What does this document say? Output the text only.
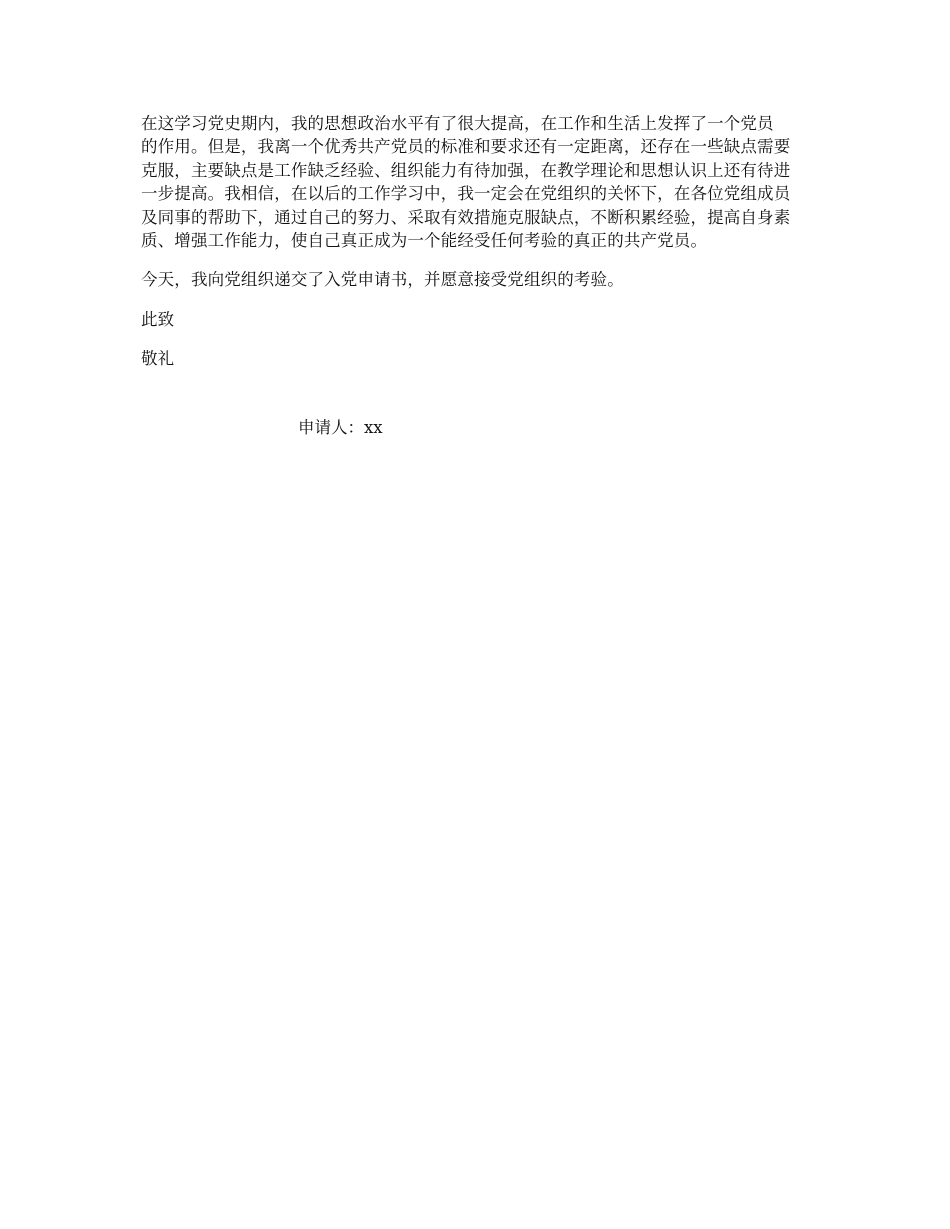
在这学习党史期内，我的思想政治水平有了很大提高，在工作和生活上发挥了一个党员
的作用。但是，我离一个优秀共产党员的标准和要求还有一定距离，还存在一些缺点需要
克服，主要缺点是工作缺乏经验、组织能力有待加强，在教学理论和思想认识上还有待进
一步提高。我相信，在以后的工作学习中，我一定会在党组织的关怀下，在各位党组成员
及同事的帮助下，通过自己的努力、采取有效措施克服缺点，不断积累经验，提高自身素
质、增强工作能力，使自己真正成为一个能经受任何考验的真正的共产党员。
今天，我向党组织递交了入党申请书，并愿意接受党组织的考验。
此致
敬礼
申请人：xx
